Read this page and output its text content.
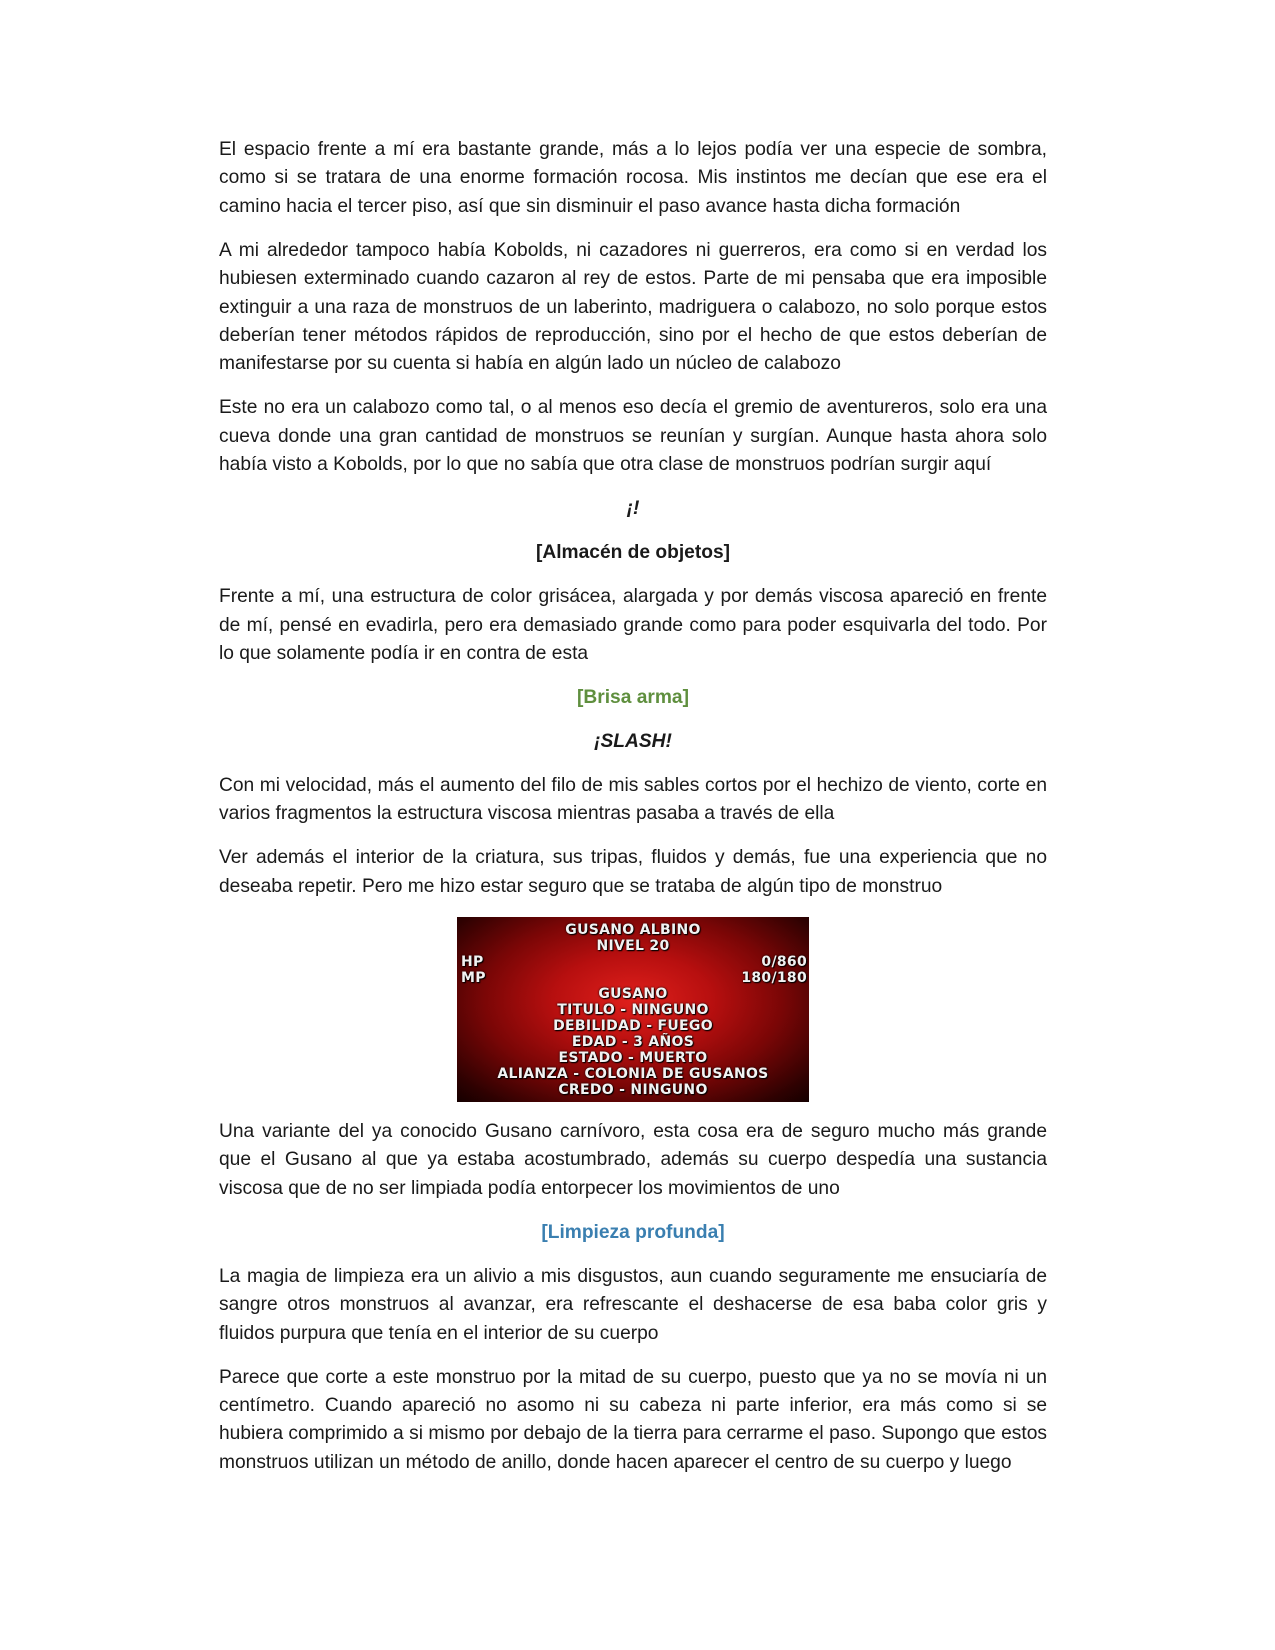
El espacio frente a mí era bastante grande, más a lo lejos podía ver una especie de sombra, como si se tratara de una enorme formación rocosa. Mis instintos me decían que ese era el camino hacia el tercer piso, así que sin disminuir el paso avance hasta dicha formación

A mi alrededor tampoco había Kobolds, ni cazadores ni guerreros, era como si en verdad los hubiesen exterminado cuando cazaron al rey de estos. Parte de mi pensaba que era imposible extinguir a una raza de monstruos de un laberinto, madriguera o calabozo, no solo porque estos deberían tener métodos rápidos de reproducción, sino por el hecho de que estos deberían de manifestarse por su cuenta si había en algún lado un núcleo de calabozo

Este no era un calabozo como tal, o al menos eso decía el gremio de aventureros, solo era una cueva donde una gran cantidad de monstruos se reunían y surgían. Aunque hasta ahora solo había visto a Kobolds, por lo que no sabía que otra clase de monstruos podrían surgir aquí

¡!

[Almacén de objetos]

Frente a mí, una estructura de color grisácea, alargada y por demás viscosa apareció en frente de mí, pensé en evadirla, pero era demasiado grande como para poder esquivarla del todo. Por lo que solamente podía ir en contra de esta

[Brisa arma]

¡SLASH!

Con mi velocidad, más el aumento del filo de mis sables cortos por el hechizo de viento, corte en varios fragmentos la estructura viscosa mientras pasaba a través de ella

Ver además el interior de la criatura, sus tripas, fluidos y demás, fue una experiencia que no deseaba repetir. Pero me hizo estar seguro que se trataba de algún tipo de monstruo

GUSANO ALBINO
NIVEL 20
HP	0/860
MP	180/180
GUSANO
TITULO - NINGUNO
DEBILIDAD - FUEGO
EDAD - 3 AÑOS
ESTADO - MUERTO
ALIANZA - COLONIA DE GUSANOS
CREDO - NINGUNO

Una variante del ya conocido Gusano carnívoro, esta cosa era de seguro mucho más grande que el Gusano al que ya estaba acostumbrado, además su cuerpo despedía una sustancia viscosa que de no ser limpiada podía entorpecer los movimientos de uno

[Limpieza profunda]

La magia de limpieza era un alivio a mis disgustos, aun cuando seguramente me ensuciaría de sangre otros monstruos al avanzar, era refrescante el deshacerse de esa baba color gris y fluidos purpura que tenía en el interior de su cuerpo

Parece que corte a este monstruo por la mitad de su cuerpo, puesto que ya no se movía ni un centímetro. Cuando apareció no asomo ni su cabeza ni parte inferior, era más como si se hubiera comprimido a si mismo por debajo de la tierra para cerrarme el paso. Supongo que estos monstruos utilizan un método de anillo, donde hacen aparecer el centro de su cuerpo y luego
